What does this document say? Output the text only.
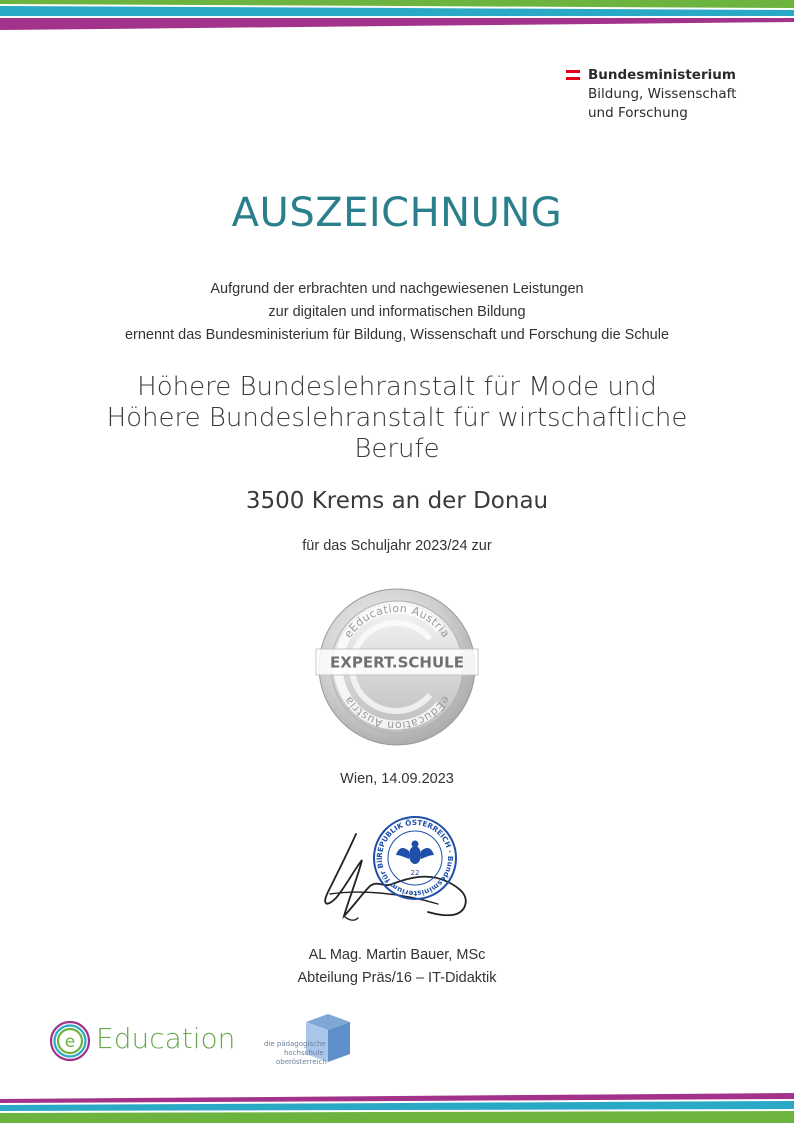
Bundesministerium
Bildung, Wissenschaft
und Forschung
AUSZEICHNUNG
Aufgrund der erbrachten und nachgewiesenen Leistungen
zur digitalen und informatischen Bildung
ernennt das Bundesministerium für Bildung, Wissenschaft und Forschung die Schule
Höhere Bundeslehranstalt für Mode und
Höhere Bundeslehranstalt für wirtschaftliche
Berufe
3500 Krems an der Donau
für das Schuljahr 2023/24 zur
eEducation Austria
eEducation Austria
EXPERT.SCHULE
Wien, 14.09.2023
REPUBLIK ÖSTERREICH · Bundesministerium für Bil
22
AL Mag. Martin Bauer, MSc
Abteilung Präs/16 – IT-Didaktik
e Education	die pädagogische
hochschule
oberösterreich
